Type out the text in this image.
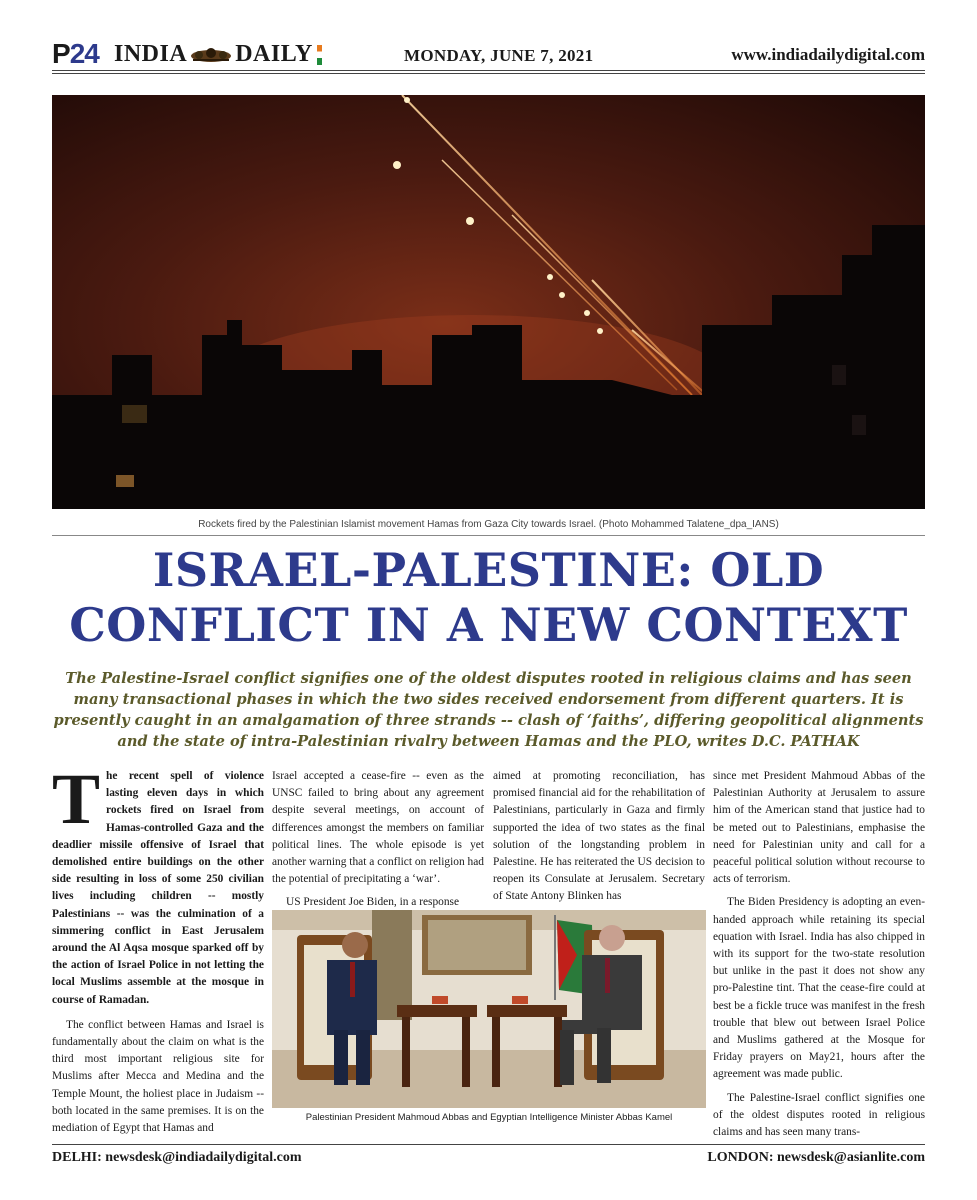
P24 INDIA DAILY	MONDAY, JUNE 7, 2021	www.indiadailydigital.com
Rockets fired by the Palestinian Islamist movement Hamas from Gaza City towards Israel. (Photo Mohammed Talatene_dpa_IANS)
ISRAEL-PALESTINE: OLD
CONFLICT IN A NEW CONTEXT

The Palestine-Israel conflict signifies one of the oldest disputes rooted in religious claims and has seen many transactional phases in which the two sides received endorsement from different quarters. It is presently caught in an amalgamation of three strands -- clash of ‘faiths’, differing geopolitical alignments and the state of intra-Palestinian rivalry between Hamas and the PLO, writes D.C. PATHAK

The recent spell of violence lasting eleven days in which rockets fired on Israel from Hamas-controlled Gaza and the deadlier missile offensive of Israel that demolished entire buildings on the other side resulting in loss of some 250 civilian lives including children -- mostly Palestinians -- was the culmination of a simmering conflict in East Jerusalem around the Al Aqsa mosque sparked off by the action of Israel Police in not letting the local Muslims assemble at the mosque in course of Ramadan.

The conflict between Hamas and Israel is fundamentally about the claim on what is the third most important religious site for Muslims after Mecca and Medina and the Temple Mount, the holiest place in Judaism -- both located in the same premises. It is on the mediation of Egypt that Hamas and

Israel accepted a cease-fire -- even as the UNSC failed to bring about any agreement despite several meetings, on account of differences amongst the members on familiar political lines. The whole episode is yet another warning that a conflict on religion had the potential of precipitating a ‘war’.

US President Joe Biden, in a response

aimed at promoting reconciliation, has promised financial aid for the rehabilitation of Palestinians, particularly in Gaza and firmly supported the idea of two states as the final solution of the longstanding problem in Palestine. He has reiterated the US decision to reopen its Consulate at Jerusalem. Secretary of State Antony Blinken has

since met President Mahmoud Abbas of the Palestinian Authority at Jerusalem to assure him of the American stand that justice had to be meted out to Palestinians, emphasise the need for Palestinian unity and call for a peaceful political solution without recourse to acts of terrorism.

The Biden Presidency is adopting an even-handed approach while retaining its special equation with Israel. India has also chipped in with its support for the two-state resolution but unlike in the past it does not show any pro-Palestine tint. That the cease-fire could at best be a fickle truce was manifest in the fresh trouble that blew out between Israel Police and Muslims gathered at the Mosque for Friday prayers on May21, hours after the agreement was made public.

The Palestine-Israel conflict signifies one of the oldest disputes rooted in religious claims and has seen many trans-

Palestinian President Mahmoud Abbas and Egyptian Intelligence Minister Abbas Kamel
DELHI: newsdesk@indiadailydigital.com	LONDON: newsdesk@asianlite.com
